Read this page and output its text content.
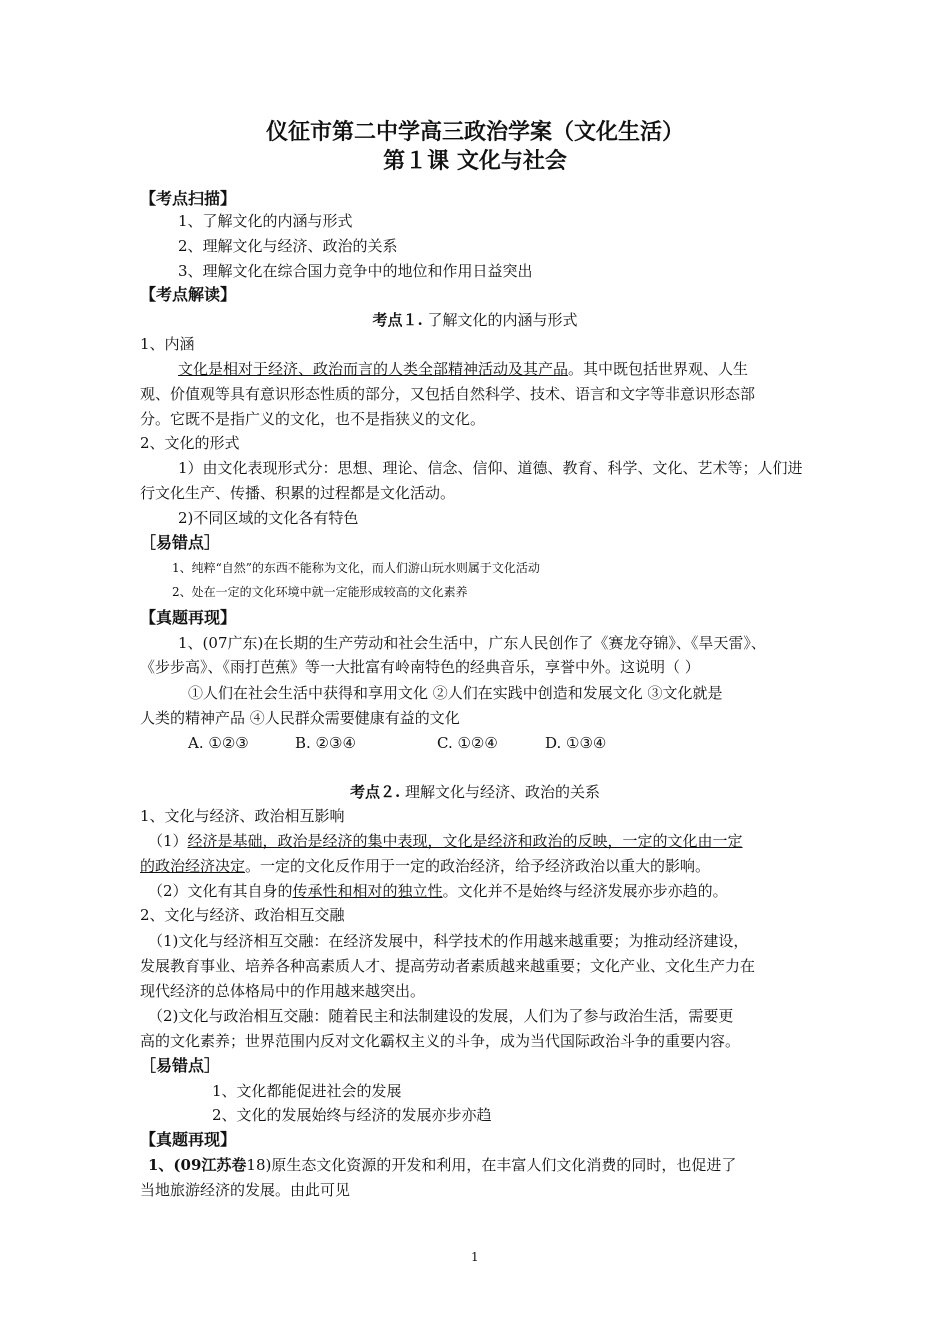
仪征市第二中学高三政治学案（文化生活）
第１课 文化与社会
【考点扫描】
1、了解文化的内涵与形式
2、理解文化与经济、政治的关系
3、理解文化在综合国力竞争中的地位和作用日益突出
【考点解读】
考点１. 了解文化的内涵与形式
1、内涵
文化是相对于经济、政治而言的人类全部精神活动及其产品。其中既包括世界观、人生
观、价值观等具有意识形态性质的部分，又包括自然科学、技术、语言和文字等非意识形态部
分。它既不是指广义的文化，也不是指狭义的文化。
2、文化的形式
1）由文化表现形式分：思想、理论、信念、信仰、道德、教育、科学、文化、艺术等；人们进
行文化生产、传播、积累的过程都是文化活动。
2)不同区域的文化各有特色
［易错点］
1、纯粹“自然”的东西不能称为文化，而人们游山玩水则属于文化活动
2、处在一定的文化环境中就一定能形成较高的文化素养
【真题再现】
1、(07广东)在长期的生产劳动和社会生活中，广东人民创作了《赛龙夺锦》、《旱天雷》、
《步步高》、《雨打芭蕉》等一大批富有岭南特色的经典音乐，享誉中外。这说明（ ）
①人们在社会生活中获得和享用文化 ②人们在实践中创造和发展文化 ③文化就是
人类的精神产品 ④人民群众需要健康有益的文化
A. ①②③	B. ②③④	C. ①②④	D. ①③④
考点２. 理解文化与经济、政治的关系
1、文化与经济、政治相互影响
（1）经济是基础，政治是经济的集中表现，文化是经济和政治的反映，一定的文化由一定
的政治经济决定。一定的文化反作用于一定的政治经济，给予经济政治以重大的影响。
（2）文化有其自身的传承性和相对的独立性。文化并不是始终与经济发展亦步亦趋的。
2、文化与经济、政治相互交融
（1)文化与经济相互交融：在经济发展中，科学技术的作用越来越重要；为推动经济建设，
发展教育事业、培养各种高素质人才、提高劳动者素质越来越重要；文化产业、文化生产力在
现代经济的总体格局中的作用越来越突出。
（2)文化与政治相互交融：随着民主和法制建设的发展，人们为了参与政治生活，需要更
高的文化素养；世界范围内反对文化霸权主义的斗争，成为当代国际政治斗争的重要内容。
［易错点］
1、文化都能促进社会的发展
2、文化的发展始终与经济的发展亦步亦趋
【真题再现】
1、(09江苏卷18)原生态文化资源的开发和利用，在丰富人们文化消费的同时，也促进了
当地旅游经济的发展。由此可见
1
